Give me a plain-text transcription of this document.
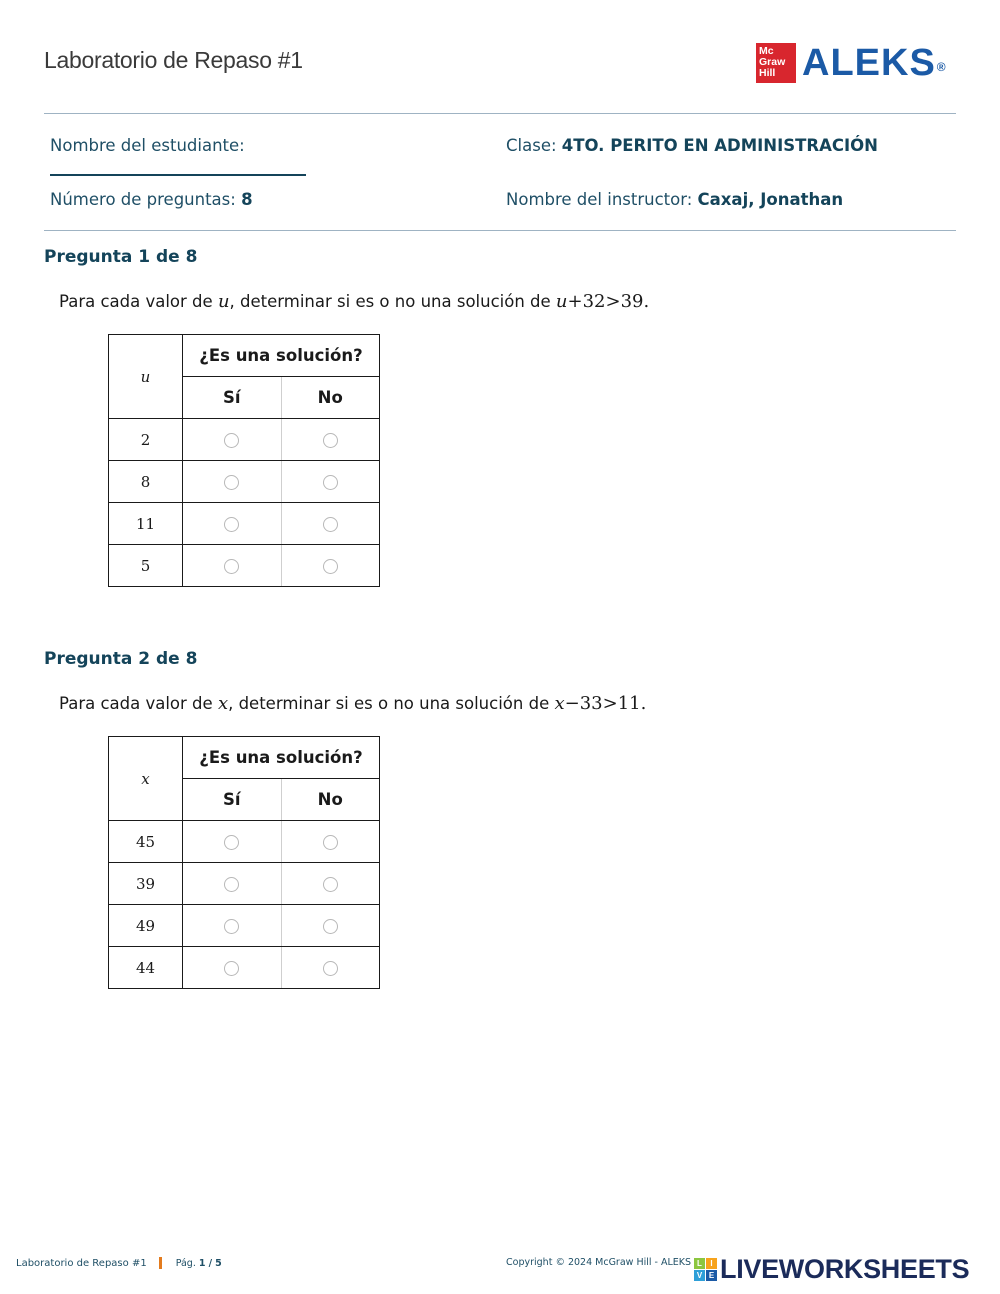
Laboratorio de Repaso #1	Mc
Graw
Hill ALEKS®
Nombre del estudiante:	Clase: 4TO. PERITO EN ADMINISTRACIÓN
Número de preguntas: 8	Nombre del instructor: Caxaj, Jonathan
Pregunta 1 de 8
Para cada valor de u, determinar si es o no una solución de u+32>39.
u	¿Es una solución?	
	Sí	No
2		
8		
11		
5		
Pregunta 2 de 8
Para cada valor de x, determinar si es o no una solución de x−33>11.
x	¿Es una solución?	
	Sí	No
45		
39		
49		
44		
Laboratorio de Repaso #1	Pág. 1 / 5	Copyright © 2024 McGraw Hill - ALEKS L	I
V E LIVEWORKSHEETS
